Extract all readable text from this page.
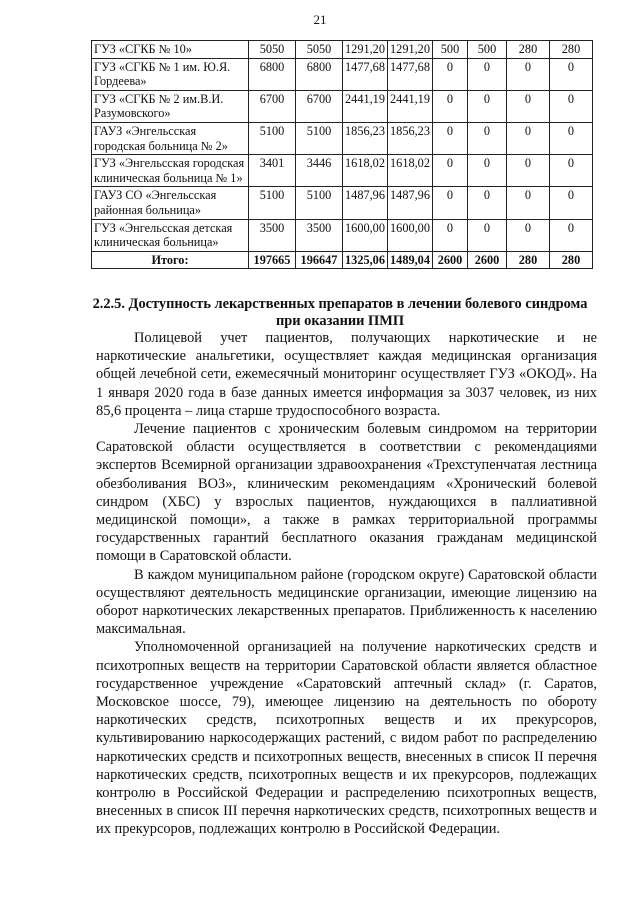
21
ГУЗ «СГКБ № 10»	5050	5050	1291,20	1291,20	500	500	280	280
ГУЗ «СГКБ № 1 им. Ю.Я. Гордеева»	6800	6800	1477,68	1477,68	0	0	0	0
ГУЗ «СГКБ № 2 им.В.И. Разумовского»	6700	6700	2441,19	2441,19	0	0	0	0
ГАУЗ «Энгельсская городская больница № 2»	5100	5100	1856,23	1856,23	0	0	0	0
ГУЗ «Энгельсская городская клиническая больница № 1»	3401	3446	1618,02	1618,02	0	0	0	0
ГАУЗ СО «Энгельсская районная больница»	5100	5100	1487,96	1487,96	0	0	0	0
ГУЗ «Энгельсская детская клиническая больница»	3500	3500	1600,00	1600,00	0	0	0	0
Итого:	197665	196647	1325,06	1489,04	2600	2600	280	280
2.2.5. Доступность лекарственных препаратов в лечении болевого синдрома при оказании ПМП

Полицевой учет пациентов, получающих наркотические и не наркотические анальгетики, осуществляет каждая медицинская организация общей лечебной сети, ежемесячный мониторинг осуществляет ГУЗ «ОКОД». На 1 января 2020 года в базе данных имеется информация за 3037 человек, из них 85,6 процента – лица старше трудоспособного возраста.

Лечение пациентов с хроническим болевым синдромом на территории Саратовской области осуществляется в соответствии с рекомендациями экспертов Всемирной организации здравоохранения «Трехступенчатая лестница обезболивания ВОЗ», клиническим рекомендациям «Хронический болевой синдром (ХБС) у взрослых пациентов, нуждающихся в паллиативной медицинской помощи», а также в рамках территориальной программы государственных гарантий бесплатного оказания гражданам медицинской помощи в Саратовской области.

В каждом муниципальном районе (городском округе) Саратовской области осуществляют деятельность медицинские организации, имеющие лицензию на оборот наркотических лекарственных препаратов. Приближенность к населению максимальная.

Уполномоченной организацией на получение наркотических средств и психотропных веществ на территории Саратовской области является областное государственное учреждение «Саратовский аптечный склад» (г. Саратов, Московское шоссе, 79), имеющее лицензию на деятельность по обороту наркотических средств, психотропных веществ и их прекурсоров, культивированию наркосодержащих растений, с видом работ по распределению наркотических средств и психотропных веществ, внесенных в список II перечня наркотических средств, психотропных веществ и их прекурсоров, подлежащих контролю в Российской Федерации и распределению психотропных веществ, внесенных в список III перечня наркотических средств, психотропных веществ и их прекурсоров, подлежащих контролю в Российской Федерации.
